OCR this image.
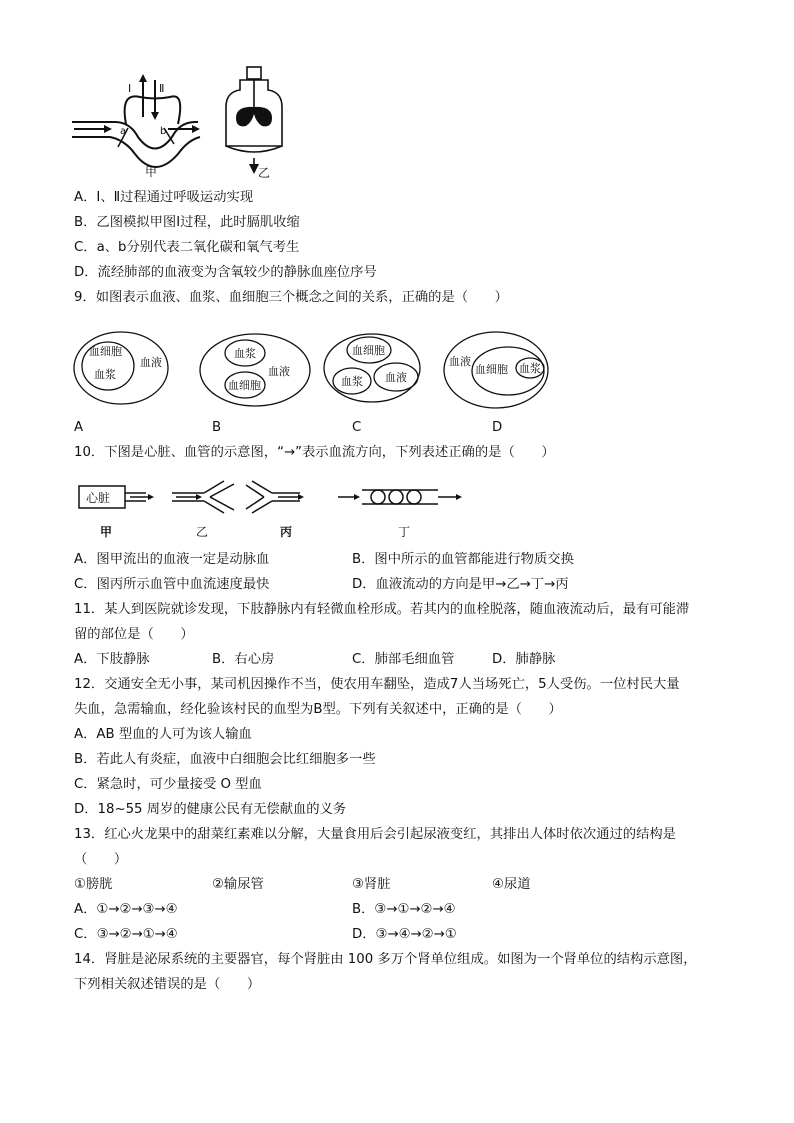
Ⅰ	Ⅱ
a	b
甲	乙
A．Ⅰ、Ⅱ过程通过呼吸运动实现
B．乙图模拟甲图Ⅰ过程，此时膈肌收缩
C．a、b分别代表二氧化碳和氧气考生
D．流经肺部的血液变为含氧较少的静脉血座位序号
9．如图表示血液、血浆、血细胞三个概念之间的关系，正确的是（　　）
血细胞
血浆
血液
血浆
血细胞
血液
血细胞
血浆 血液
血液
血细胞 血浆
A	B	C	D
10．下图是心脏、血管的示意图，“→”表示血流方向，下列表述正确的是（　　）
心脏
甲	乙	丙	丁
A．图甲流出的血液一定是动脉血	B．图中所示的血管都能进行物质交换
C．图丙所示血管中血流速度最快	D．血液流动的方向是甲→乙→丁→丙
11．某人到医院就诊发现，下肢静脉内有轻微血栓形成。若其内的血栓脱落，随血液流动后，最有可能滞
留的部位是（　　）
A．下肢静脉	B．右心房	C．肺部毛细血管	D．肺静脉
12．交通安全无小事，某司机因操作不当，使农用车翻坠，造成7人当场死亡，5人受伤。一位村民大量
失血，急需输血，经化验该村民的血型为B型。下列有关叙述中，正确的是（　　）
A．AB 型血的人可为该人输血
B．若此人有炎症，血液中白细胞会比红细胞多一些
C．紧急时，可少量接受 O 型血
D．18~55 周岁的健康公民有无偿献血的义务
13．红心火龙果中的甜菜红素难以分解，大量食用后会引起尿液变红，其排出人体时依次通过的结构是
（　　）
①膀胱	②输尿管	③肾脏	④尿道
A．①→②→③→④	B．③→①→②→④
C．③→②→①→④	D．③→④→②→①
14．肾脏是泌尿系统的主要器官，每个肾脏由 100 多万个肾单位组成。如图为一个肾单位的结构示意图，
下列相关叙述错误的是（　　）
